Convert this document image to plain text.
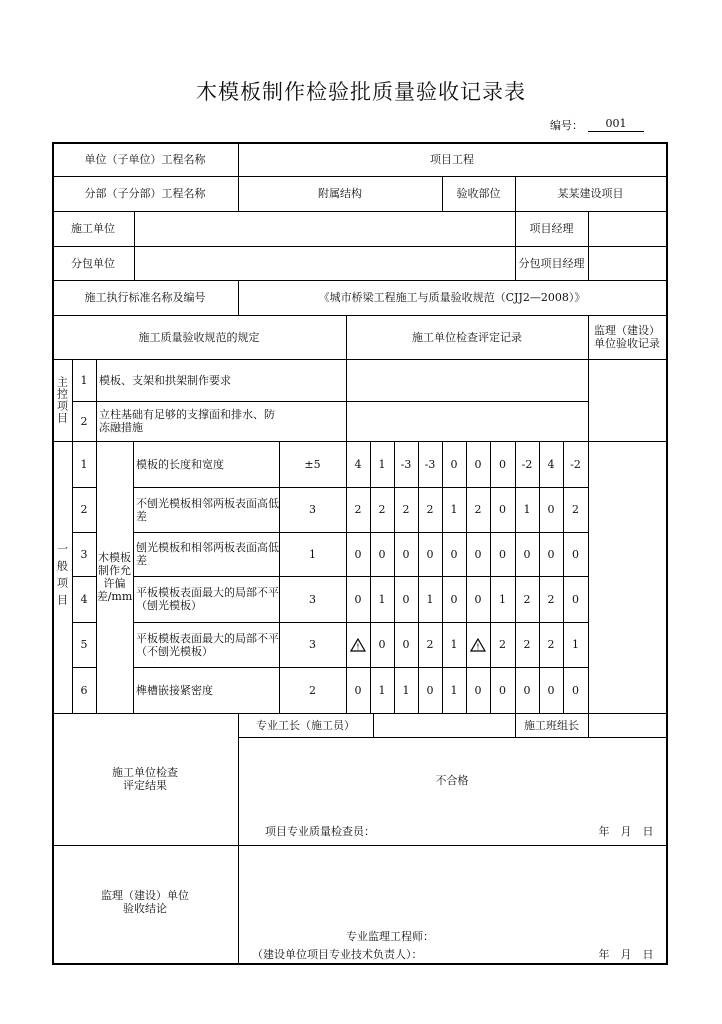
木模板制作检验批质量验收记录表
编号：	001
单位（子单位）工程名称	项目工程
分部（子分部）工程名称	附属结构	验收部位	某某建设项目
施工单位	项目经理
分包单位	分包项目经理
施工执行标准名称及编号	《城市桥梁工程施工与质量验收规范（CJJ2—2008）》
施工质量验收规范的规定	施工单位检查评定记录	监理（建设）
单位验收记录
主控项目	1	模板、支架和拱架制作要求
2	立柱基础有足够的支撑面和排水、防冻融措施
一般项目	木模板制作允许偏差/mm
1	模板的长度和宽度	±5	4	1	-3	-3	0	0	0	-2	4	-2
2	不刨光模板相邻两板表面高低差	3	2	2	2	2	1	2	0	1	0	2
3	刨光模板和相邻两板表面高低差	1	0	0	0	0	0	0	0	0	0	0
4	平板模板表面最大的局部不平（刨光模板）	3	0	1	0	1	0	0	1	2	2	0
5	平板模板表面最大的局部不平（不刨光模板）	3	!	0	0	2	1	!	2	2	2	1
6	榫槽嵌接紧密度	2	0	1	1	0	1	0	0	0	0	0
专业工长（施工员）	施工班组长
施工单位检查
评定结果	不合格
项目专业质量检查员：	年　月　日
监理（建设）单位
验收结论
专业监理工程师：
（建设单位项目专业技术负责人）：	年　月　日
